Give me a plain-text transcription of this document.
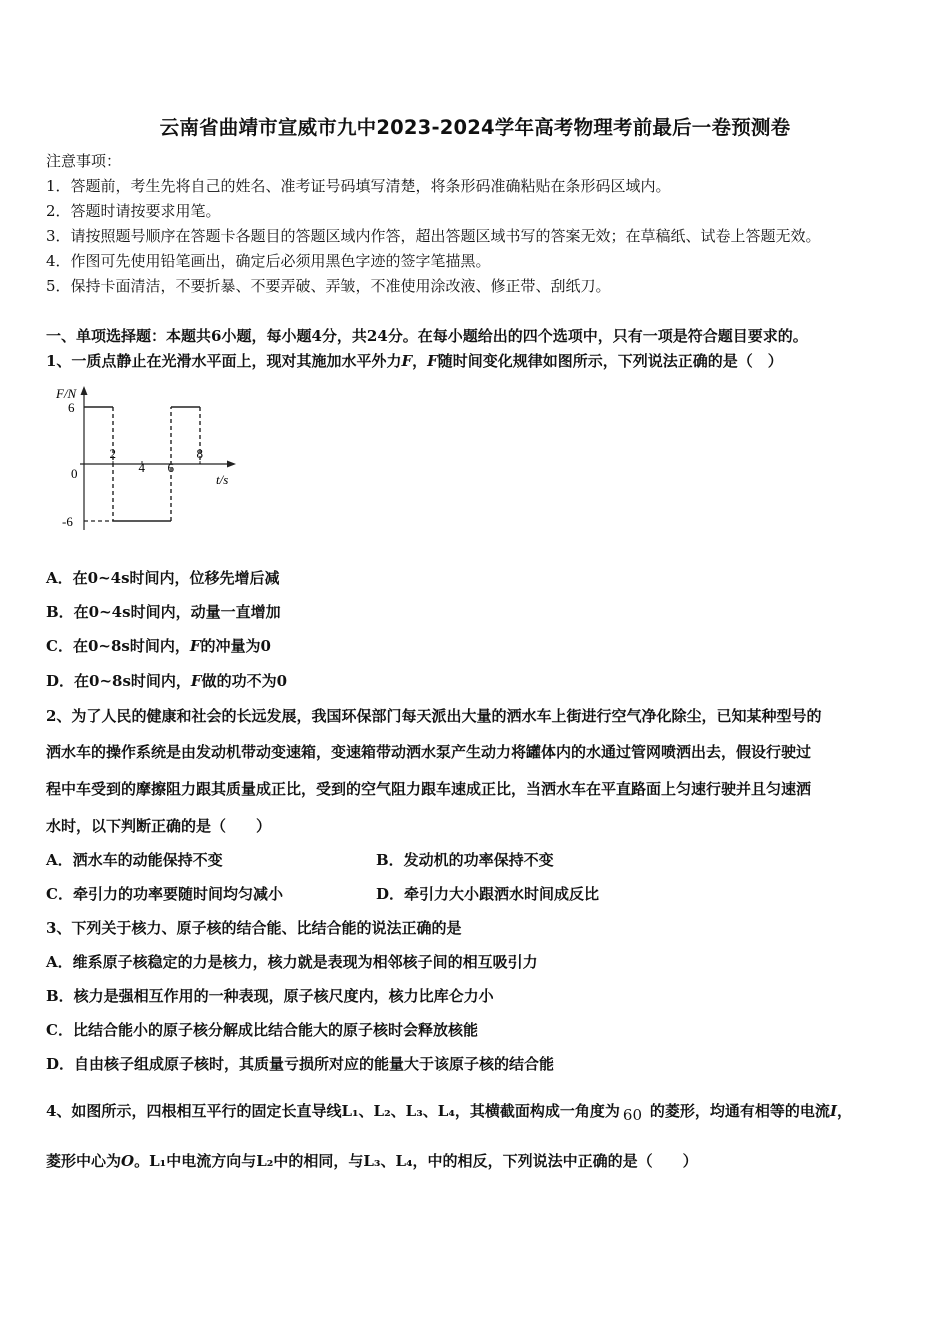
云南省曲靖市宣威市九中2023-2024学年高考物理考前最后一卷预测卷
注意事项：
1．答题前，考生先将自己的姓名、准考证号码填写清楚，将条形码准确粘贴在条形码区域内。
2．答题时请按要求用笔。
3．请按照题号顺序在答题卡各题目的答题区域内作答，超出答题区域书写的答案无效；在草稿纸、试卷上答题无效。
4．作图可先使用铅笔画出，确定后必须用黑色字迹的签字笔描黑。
5．保持卡面清洁，不要折暴、不要弄破、弄皱，不准使用涂改液、修正带、刮纸刀。
一、单项选择题：本题共6小题，每小题4分，共24分。在每小题给出的四个选项中，只有一项是符合题目要求的。
1、一质点静止在光滑水平面上，现对其施加水平外力F，F随时间变化规律如图所示，下列说法正确的是（　）
F/N
t/s
0
2
4 6
8
6
-6
A．在0~4s时间内，位移先增后减
B．在0~4s时间内，动量一直增加
C．在0~8s时间内，F的冲量为0
D．在0~8s时间内，F做的功不为0
2、为了人民的健康和社会的长远发展，我国环保部门每天派出大量的洒水车上街进行空气净化除尘，已知某种型号的
洒水车的操作系统是由发动机带动变速箱，变速箱带动洒水泵产生动力将罐体内的水通过管网喷洒出去，假设行驶过
程中车受到的摩擦阻力跟其质量成正比，受到的空气阻力跟车速成正比，当洒水车在平直路面上匀速行驶并且匀速洒
水时，以下判断正确的是（　　）
A．洒水车的动能保持不变	B．发动机的功率保持不变
C．牵引力的功率要随时间均匀减小	D．牵引力大小跟洒水时间成反比
3、下列关于核力、原子核的结合能、比结合能的说法正确的是
A．维系原子核稳定的力是核力，核力就是表现为相邻核子间的相互吸引力
B．核力是强相互作用的一种表现，原子核尺度内，核力比库仑力小
C．比结合能小的原子核分解成比结合能大的原子核时会释放核能
D．自由核子组成原子核时，其质量亏损所对应的能量大于该原子核的结合能
4、如图所示，四根相互平行的固定长直导线L₁、L₂、L₃、L₄，其横截面构成一角度为 60 的菱形，均通有相等的电流I，
菱形中心为O。L₁中电流方向与L₂中的相同，与L₃、L₄，中的相反，下列说法中正确的是（　　）
